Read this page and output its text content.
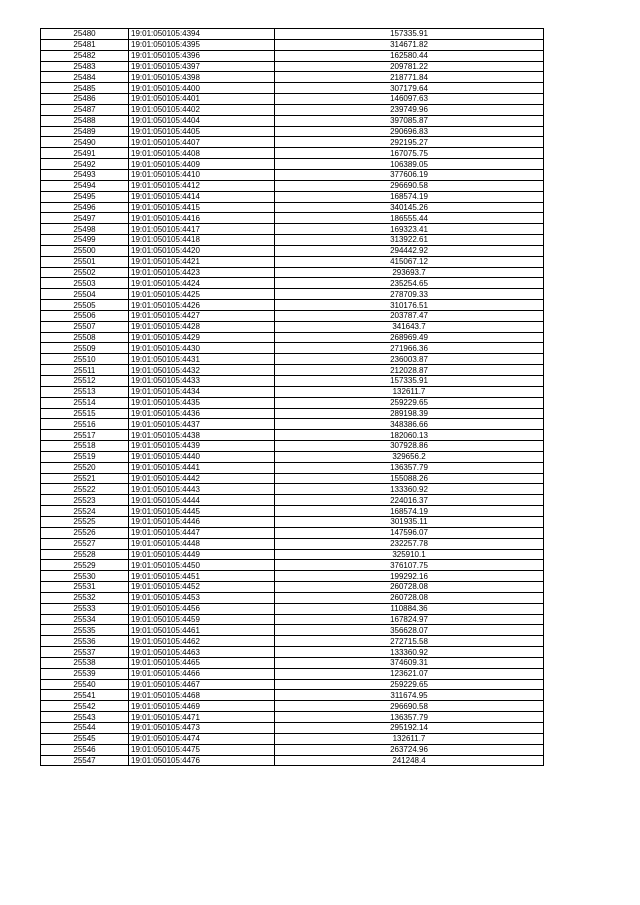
25480	19:01:050105:4394	157335.91
25481	19:01:050105:4395	314671.82
25482	19:01:050105:4396	162580.44
25483	19:01:050105:4397	209781.22
25484	19:01:050105:4398	218771.84
25485	19:01:050105:4400	307179.64
25486	19:01:050105:4401	146097.63
25487	19:01:050105:4402	239749.96
25488	19:01:050105:4404	397085.87
25489	19:01:050105:4405	290696.83
25490	19:01:050105:4407	292195.27
25491	19:01:050105:4408	167075.75
25492	19:01:050105:4409	106389.05
25493	19:01:050105:4410	377606.19
25494	19:01:050105:4412	296690.58
25495	19:01:050105:4414	168574.19
25496	19:01:050105:4415	340145.26
25497	19:01:050105:4416	186555.44
25498	19:01:050105:4417	169323.41
25499	19:01:050105:4418	313922.61
25500	19:01:050105:4420	294442.92
25501	19:01:050105:4421	415067.12
25502	19:01:050105:4423	293693.7
25503	19:01:050105:4424	235254.65
25504	19:01:050105:4425	278709.33
25505	19:01:050105:4426	310176.51
25506	19:01:050105:4427	203787.47
25507	19:01:050105:4428	341643.7
25508	19:01:050105:4429	268969.49
25509	19:01:050105:4430	271966.36
25510	19:01:050105:4431	236003.87
25511	19:01:050105:4432	212028.87
25512	19:01:050105:4433	157335.91
25513	19:01:050105:4434	132611.7
25514	19:01:050105:4435	259229.65
25515	19:01:050105:4436	289198.39
25516	19:01:050105:4437	348386.66
25517	19:01:050105:4438	182060.13
25518	19:01:050105:4439	307928.86
25519	19:01:050105:4440	329656.2
25520	19:01:050105:4441	136357.79
25521	19:01:050105:4442	155088.26
25522	19:01:050105:4443	133360.92
25523	19:01:050105:4444	224016.37
25524	19:01:050105:4445	168574.19
25525	19:01:050105:4446	301935.11
25526	19:01:050105:4447	147596.07
25527	19:01:050105:4448	232257.78
25528	19:01:050105:4449	325910.1
25529	19:01:050105:4450	376107.75
25530	19:01:050105:4451	199292.16
25531	19:01:050105:4452	260728.08
25532	19:01:050105:4453	260728.08
25533	19:01:050105:4456	110884.36
25534	19:01:050105:4459	167824.97
25535	19:01:050105:4461	356628.07
25536	19:01:050105:4462	272715.58
25537	19:01:050105:4463	133360.92
25538	19:01:050105:4465	374609.31
25539	19:01:050105:4466	123621.07
25540	19:01:050105:4467	259229.65
25541	19:01:050105:4468	311674.95
25542	19:01:050105:4469	296690.58
25543	19:01:050105:4471	136357.79
25544	19:01:050105:4473	295192.14
25545	19:01:050105:4474	132611.7
25546	19:01:050105:4475	263724.96
25547	19:01:050105:4476	241248.4
